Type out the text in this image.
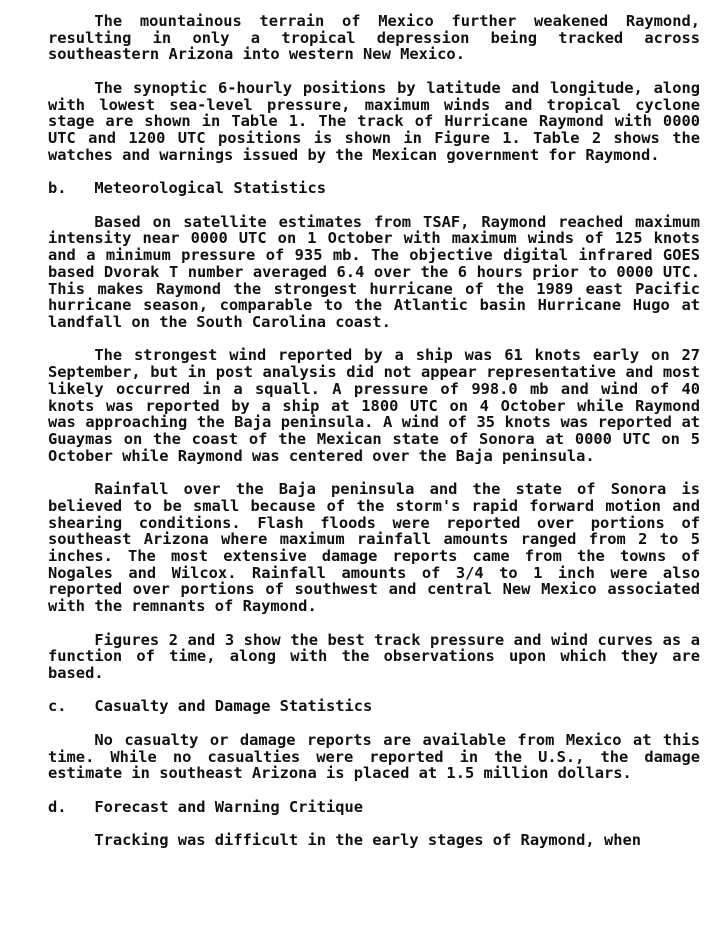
The mountainous terrain of Mexico further weakened Raymond, resulting in only a tropical depression being tracked across southeastern Arizona into western New Mexico.

The synoptic 6-hourly positions by latitude and longitude, along with lowest sea-level pressure, maximum winds and tropical cyclone stage are shown in Table 1. The track of Hurricane Raymond with 0000 UTC and 1200 UTC positions is shown in Figure 1. Table 2 shows the watches and warnings issued by the Mexican government for Raymond.

b. Meteorological Statistics

Based on satellite estimates from TSAF, Raymond reached maximum intensity near 0000 UTC on 1 October with maximum winds of 125 knots and a minimum pressure of 935 mb. The objective digital infrared GOES based Dvorak T number averaged 6.4 over the 6 hours prior to 0000 UTC. This makes Raymond the strongest hurricane of the 1989 east Pacific hurricane season, comparable to the Atlantic basin Hurricane Hugo at landfall on the South Carolina coast.

The strongest wind reported by a ship was 61 knots early on 27 September, but in post analysis did not appear representative and most likely occurred in a squall. A pressure of 998.0 mb and wind of 40 knots was reported by a ship at 1800 UTC on 4 October while Raymond was approaching the Baja peninsula. A wind of 35 knots was reported at Guaymas on the coast of the Mexican state of Sonora at 0000 UTC on 5 October while Raymond was centered over the Baja peninsula.

Rainfall over the Baja peninsula and the state of Sonora is believed to be small because of the storm's rapid forward motion and shearing conditions. Flash floods were reported over portions of southeast Arizona where maximum rainfall amounts ranged from 2 to 5 inches. The most extensive damage reports came from the towns of Nogales and Wilcox. Rainfall amounts of 3/4 to 1 inch were also reported over portions of southwest and central New Mexico associated with the remnants of Raymond.

Figures 2 and 3 show the best track pressure and wind curves as a function of time, along with the observations upon which they are based.

c. Casualty and Damage Statistics

No casualty or damage reports are available from Mexico at this time. While no casualties were reported in the U.S., the damage estimate in southeast Arizona is placed at 1.5 million dollars.

d. Forecast and Warning Critique

Tracking was difficult in the early stages of Raymond, when
